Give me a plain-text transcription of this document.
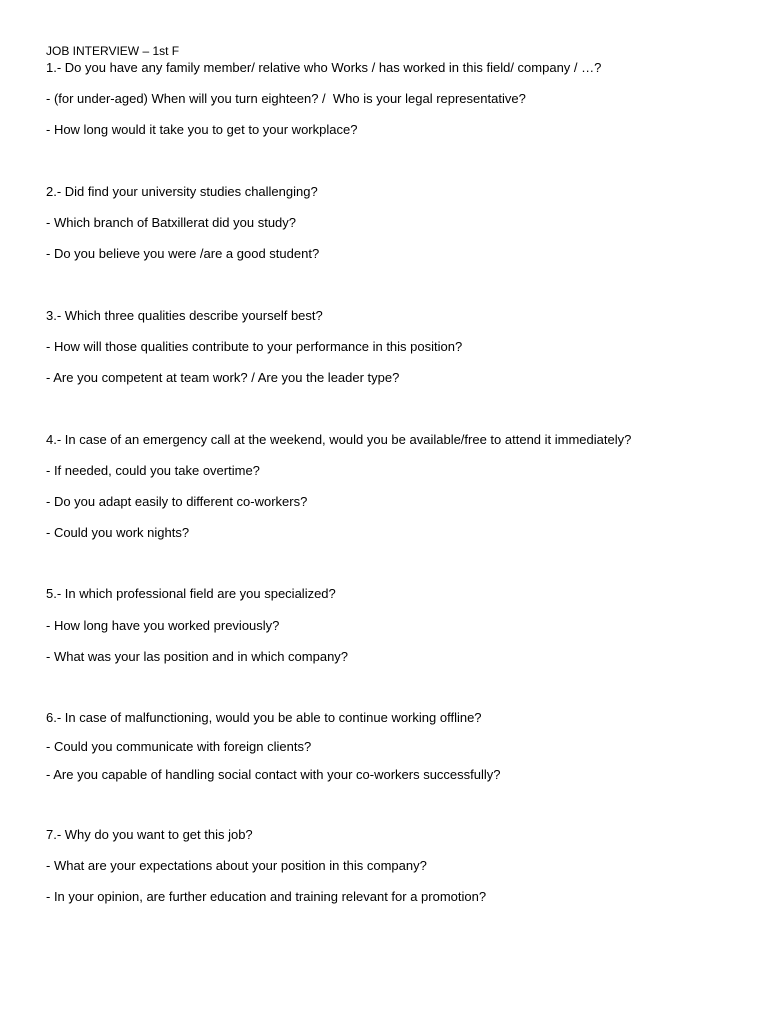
JOB INTERVIEW – 1st F
1.- Do you have any family member/ relative who Works / has worked in this field/ company / …?
- (for under-aged) When will you turn eighteen? /  Who is your legal representative?
- How long would it take you to get to your workplace?
2.- Did find your university studies challenging?
- Which branch of Batxillerat did you study?
- Do you believe you were /are a good student?
3.- Which three qualities describe yourself best?
- How will those qualities contribute to your performance in this position?
- Are you competent at team work? / Are you the leader type?
4.- In case of an emergency call at the weekend, would you be available/free to attend it immediately?
- If needed, could you take overtime?
- Do you adapt easily to different co-workers?
- Could you work nights?
5.- In which professional field are you specialized?
- How long have you worked previously?
- What was your las position and in which company?
6.- In case of malfunctioning, would you be able to continue working offline?
- Could you communicate with foreign clients?
- Are you capable of handling social contact with your co-workers successfully?
7.- Why do you want to get this job?
- What are your expectations about your position in this company?
- In your opinion, are further education and training relevant for a promotion?
